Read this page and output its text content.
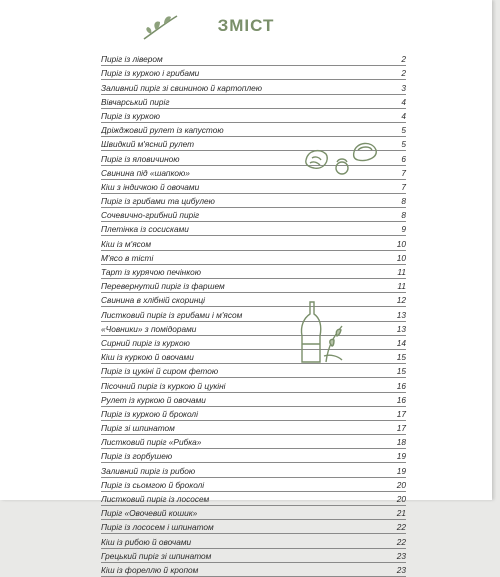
ЗМІСТ
Пиріг із лівером	2
Пиріг із куркою і грибами	2
Заливний пиріг зі свининою й картоплею	3
Вівчарський пиріг	4
Пиріг із куркою	4
Дріжджовий рулет із капустою	5
Швидкий м'ясний рулет	5
Пиріг із яловичиною	6
Свинина під «шапкою»	7
Кіш з індичкою й овочами	7
Пиріг із грибами та цибулею	8
Сочевично-грибний пиріг	8
Плетінка із сосисками	9
Кіш із м'ясом	10
М'ясо в тісті	10
Тарт із курячою печінкою	11
Перевернутий пиріг із фаршем	11
Свинина в хлібній скоринці	12
Листковий пиріг із грибами і м'ясом	13
«Човники» з помідорами	13
Сирний пиріг із куркою	14
Кіш із куркою й овочами	15
Пиріг із цукіні й сиром фетою	15
Пісочний пиріг із куркою й цукіні	16
Рулет із куркою й овочами	16
Пиріг із куркою й броколі	17
Пиріг зі шпинатом	17
Листковий пиріг «Рибка»	18
Пиріг із горбушею	19
Заливний пиріг із рибою	19
Пиріг із сьомгою й броколі	20
Листковий пиріг із лососем	20
Пиріг «Овочевий кошик»	21
Пиріг із лососем і шпинатом	22
Кіш із рибою й овочами	22
Грецький пиріг зі шпинатом	23
Кіш із фореллю й кропом	23
